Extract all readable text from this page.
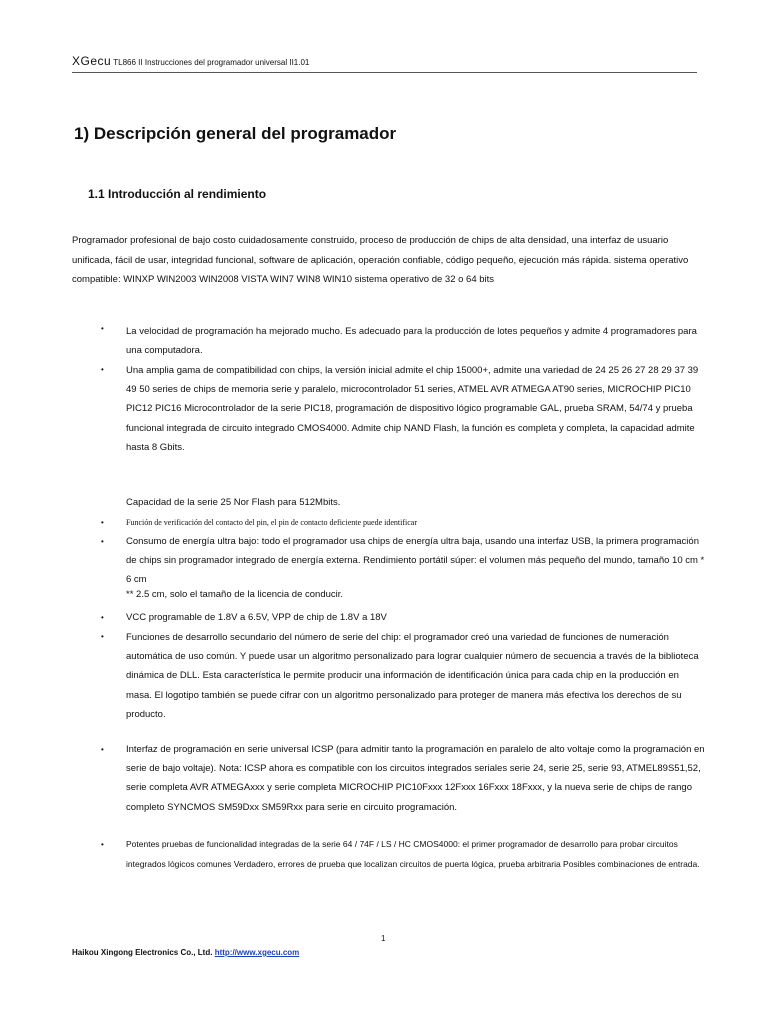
XGecu TL866 II Instrucciones del programador universal II1.01
1) Descripción general del programador
1.1 Introducción al rendimiento

Programador profesional de bajo costo cuidadosamente construido, proceso de producción de chips de alta densidad, una interfaz de usuario unificada, fácil de usar, integridad funcional, software de aplicación, operación confiable, código pequeño, ejecución más rápida. sistema operativo compatible: WINXP WIN2003 WIN2008 VISTA WIN7 WIN8 WIN10 sistema operativo de 32 o 64 bits

• La velocidad de programación ha mejorado mucho. Es adecuado para la producción de lotes pequeños y admite 4 programadores para una computadora.

• Una amplia gama de compatibilidad con chips, la versión inicial admite el chip 15000+, admite una variedad de 24 25 26 27 28 29 37 39 49 50 series de chips de memoria serie y paralelo, microcontrolador 51 series, ATMEL AVR ATMEGA AT90 series, MICROCHIP PIC10 PIC12 PIC16 Microcontrolador de la serie PIC18, programación de dispositivo lógico programable GAL, prueba SRAM, 54/74 y prueba funcional integrada de circuito integrado CMOS4000. Admite chip NAND Flash, la función es completa y completa, la capacidad admite hasta 8 Gbits.

Capacidad de la serie 25 Nor Flash para 512Mbits.

•	Función de verificación del contacto del pin, el pin de contacto deficiente puede identificar

• Consumo de energía ultra bajo: todo el programador usa chips de energía ultra baja, usando una interfaz USB, la primera programación de chips sin programador integrado de energía externa. Rendimiento portátil súper: el volumen más pequeño del mundo, tamaño 10 cm * 6 cm

** 2.5 cm, solo el tamaño de la licencia de conducir.

• VCC programable de 1.8V a 6.5V, VPP de chip de 1.8V a 18V

• Funciones de desarrollo secundario del número de serie del chip: el programador creó una variedad de funciones de numeración automática de uso común. Y puede usar un algoritmo personalizado para lograr cualquier número de secuencia a través de la biblioteca dinámica de DLL. Esta característica le permite producir una información de identificación única para cada chip en la producción en masa. El logotipo también se puede cifrar con un algoritmo personalizado para proteger de manera más efectiva los derechos de su producto.

• Interfaz de programación en serie universal ICSP (para admitir tanto la programación en paralelo de alto voltaje como la programación en serie de bajo voltaje). Nota: ICSP ahora es compatible con los circuitos integrados seriales serie 24, serie 25, serie 93, ATMEL89S51,52, serie completa AVR ATMEGAxxx y serie completa MICROCHIP PIC10Fxxx 12Fxxx 16Fxxx 18Fxxx, y la nueva serie de chips de rango completo SYNCMOS SM59Dxx SM59Rxx para serie en circuito programación.

•	Potentes pruebas de funcionalidad integradas de la serie 64 / 74F / LS / HC CMOS4000: el primer programador de desarrollo para probar circuitos integrados lógicos comunes Verdadero, errores de prueba que localizan circuitos de puerta lógica, prueba arbitraria Posibles combinaciones de entrada.

1
Haikou Xingong Electronics Co., Ltd. http://www.xgecu.com
